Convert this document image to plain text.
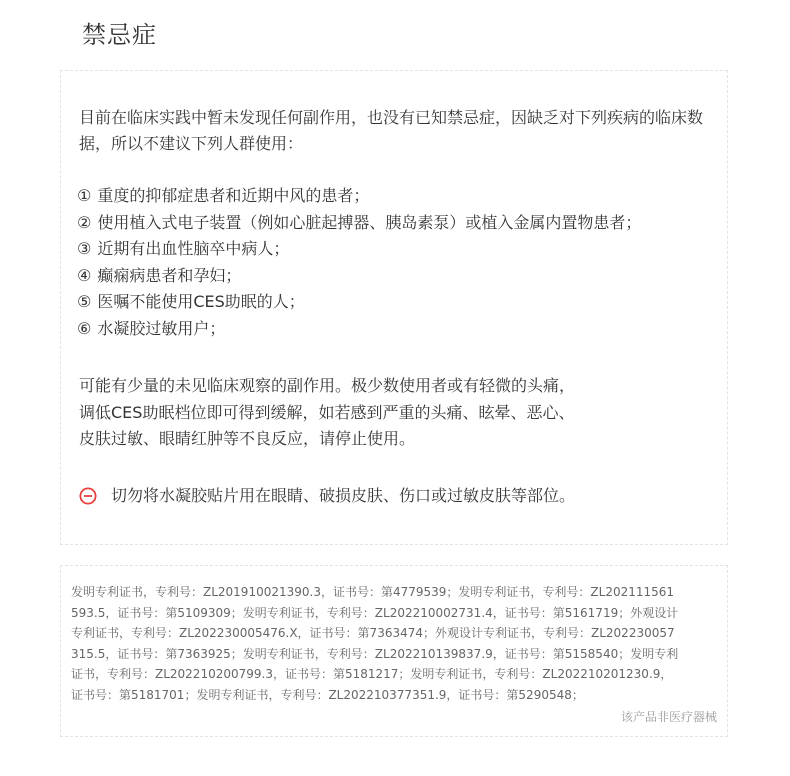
禁忌症

目前在临床实践中暂未发现任何副作用，也没有已知禁忌症，因缺乏对下列疾病的临床数据，所以不建议下列人群使用：

① 重度的抑郁症患者和近期中风的患者；
② 使用植入式电子装置（例如心脏起搏器、胰岛素泵）或植入金属内置物患者；
③ 近期有出血性脑卒中病人；
④ 癫痫病患者和孕妇；
⑤ 医嘱不能使用CES助眠的人；
⑥ 水凝胶过敏用户；

可能有少量的未见临床观察的副作用。极少数使用者或有轻微的头痛，
调低CES助眠档位即可得到缓解，如若感到严重的头痛、眩晕、恶心、
皮肤过敏、眼睛红肿等不良反应，请停止使用。

切勿将水凝胶贴片用在眼睛、破损皮肤、伤口或过敏皮肤等部位。

发明专利证书，专利号：ZL201910021390.3，证书号：第4779539；发明专利证书，专利号：ZL202111561
593.5，证书号：第5109309；发明专利证书，专利号：ZL202210002731.4，证书号：第5161719；外观设计
专利证书，专利号：ZL202230005476.X，证书号：第7363474；外观设计专利证书，专利号：ZL202230057
315.5，证书号：第7363925；发明专利证书，专利号：ZL202210139837.9，证书号：第5158540；发明专利
证书，专利号：ZL202210200799.3，证书号：第5181217；发明专利证书，专利号：ZL202210201230.9，
证书号：第5181701；发明专利证书，专利号：ZL202210377351.9，证书号：第5290548；

该产品非医疗器械
